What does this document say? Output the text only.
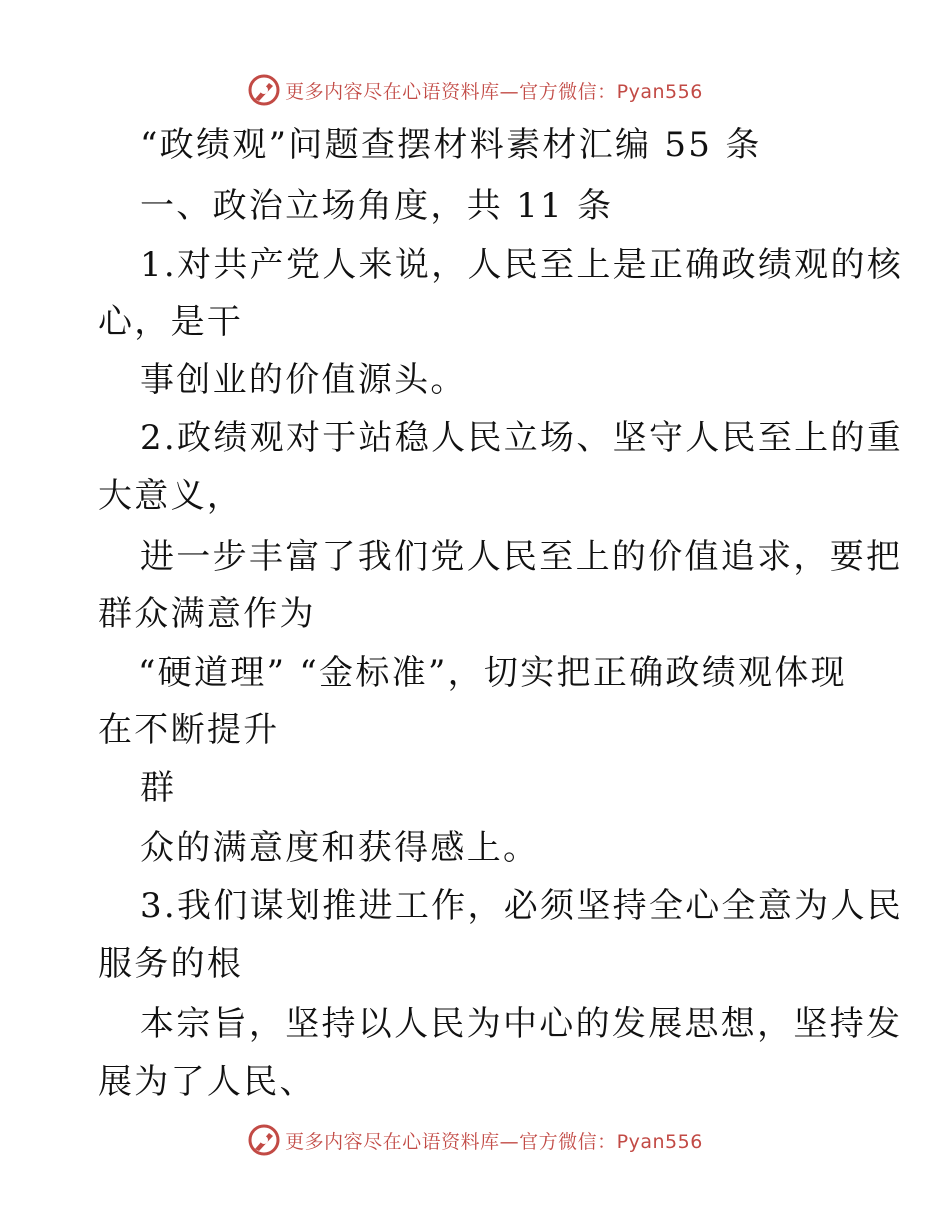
更多内容尽在心语资料库—官方微信：Pyan556
“政绩观”问题查摆材料素材汇编 55 条
一、政治立场角度，共 11 条
1.对共产党人来说，人民至上是正确政绩观的核
心，是干
事创业的价值源头。
2.政绩观对于站稳人民立场、坚守人民至上的重
大意义，
进一步丰富了我们党人民至上的价值追求，要把
群众满意作为
“硬道理” “金标准”，切实把正确政绩观体现
在不断提升
群
众的满意度和获得感上。
3.我们谋划推进工作，必须坚持全心全意为人民
服务的根
本宗旨，坚持以人民为中心的发展思想，坚持发
展为了人民、
更多内容尽在心语资料库—官方微信：Pyan556
